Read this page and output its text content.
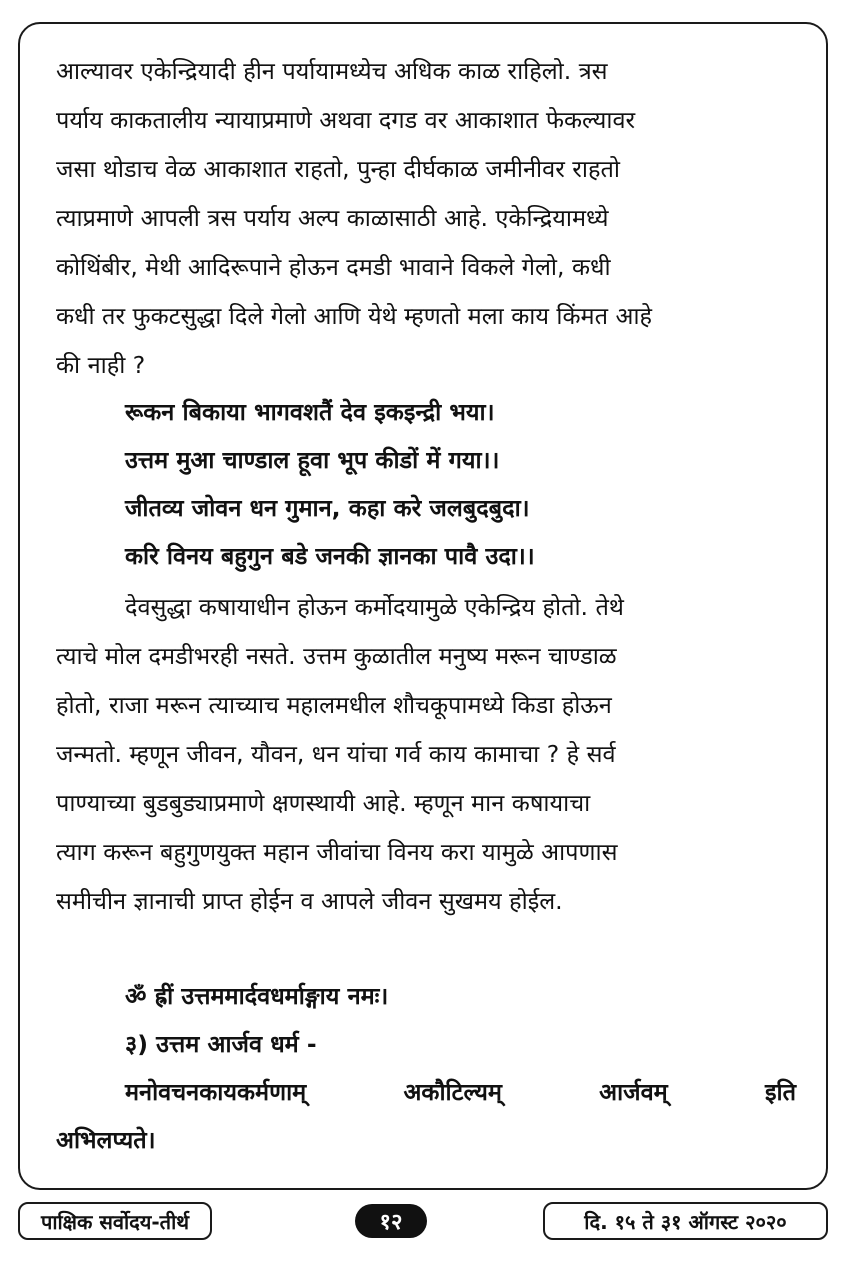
आल्यावर एकेन्द्रियादी हीन पर्यायामध्येच अधिक काळ राहिलो. त्रस
पर्याय काकतालीय न्यायाप्रमाणे अथवा दगड वर आकाशात फेकल्यावर
जसा थोडाच वेळ आकाशात राहतो, पुन्हा दीर्घकाळ जमीनीवर राहतो
त्याप्रमाणे आपली त्रस पर्याय अल्प काळासाठी आहे. एकेन्द्रियामध्ये
कोथिंबीर, मेथी आदिरूपाने होऊन दमडी भावाने विकले गेलो, कधी
कधी तर फुकटसुद्धा दिले गेलो आणि येथे म्हणतो मला काय किंमत आहे
की नाही ?
रूकन बिकाया भागवशतैं देव इकइन्द्री भया।
उत्तम मुआ चाण्डाल हूवा भूप कीडों में गया।।
जीतव्य जोवन धन गुमान, कहा करे जलबुदबुदा।
करि विनय बहुगुन बडे जनकी ज्ञानका पावै उदा।।
देवसुद्धा कषायाधीन होऊन कर्मोदयामुळे एकेन्द्रिय होतो. तेथे
त्याचे मोल दमडीभरही नसते. उत्तम कुळातील मनुष्य मरून चाण्डाळ
होतो, राजा मरून त्याच्याच महालमधील शौचकूपामध्ये किडा होऊन
जन्मतो. म्हणून जीवन, यौवन, धन यांचा गर्व काय कामाचा ? हे सर्व
पाण्याच्या बुडबुड्याप्रमाणे क्षणस्थायी आहे. म्हणून मान कषायाचा
त्याग करून बहुगुणयुक्त महान जीवांचा विनय करा यामुळे आपणास
समीचीन ज्ञानाची प्राप्त होईन व आपले जीवन सुखमय होईल.
ॐ ह्रीं उत्तममार्दवधर्माङ्गाय नमः।
३) उत्तम आर्जव धर्म -
मनोवचनकायकर्मणाम्	अकौटिल्यम्	आर्जवम्	इति
अभिलप्यते।
पाक्षिक सर्वोदय-तीर्थ	१२	दि. १५ ते ३१ ऑगस्ट २०२०
